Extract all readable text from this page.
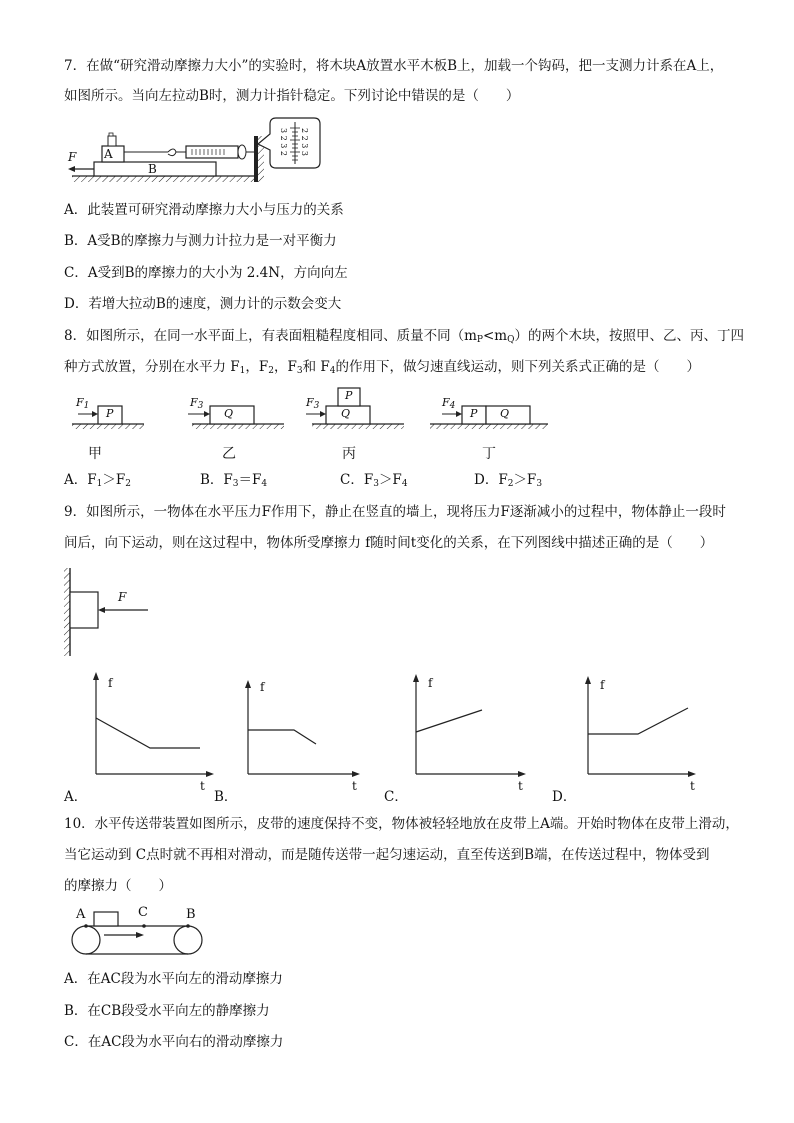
7．在做“研究滑动摩擦力大小”的实验时，将木块A放置水平木板B上，加载一个钩码，把一支测力计系在A上，
如图所示。当向左拉动B时，测力计指针稳定。下列讨论中错误的是（　　）
A
B
F
3 2 3 2 2 2 3 3
A．此装置可研究滑动摩擦力大小与压力的关系
B．A受B的摩擦力与测力计拉力是一对平衡力
C．A受到B的摩擦力的大小为 2.4N，方向向左
D．若增大拉动B的速度，测力计的示数会变大
8．如图所示，在同一水平面上，有表面粗糙程度相同、质量不同$(m_P<m_Q)$的两个木块，按照甲、乙、丙、丁四
种方式放置，分别在水平力 $F_1$，$F_2$，$F_3$和 $F_4$的作用下，做匀速直线运动，则下列关系式正确的是（　　）
$F_1$
P
$F_3$
Q
$F_3$
P
Q
$F_4$
P Q
甲	乙	丙	丁
A．$F_1>F_2$	B．$F_3=F_4$	C．$F_3>F_4$	D．$F_2>F_3$
9．如图所示，一物体在水平压力F作用下，静止在竖直的墙上，现将压力F逐渐减小的过程中，物体静止一段时
间后，向下运动，则在这过程中，物体所受摩擦力 f随时间t变化的关系，在下列图线中描述正确的是（　　）
F
f
t
f
t
f
t
f
t
A．	B．	C．	D．
10．水平传送带装置如图所示，皮带的速度保持不变，物体被轻轻地放在皮带上A端。开始时物体在皮带上滑动，
当它运动到 C点时就不再相对滑动，而是随传送带一起匀速运动，直至传送到B端，在传送过程中，物体受到
的摩擦力（　　）
A	B
C
A．在AC段为水平向左的滑动摩擦力
B．在CB段受水平向左的静摩擦力
C．在AC段为水平向右的滑动摩擦力
